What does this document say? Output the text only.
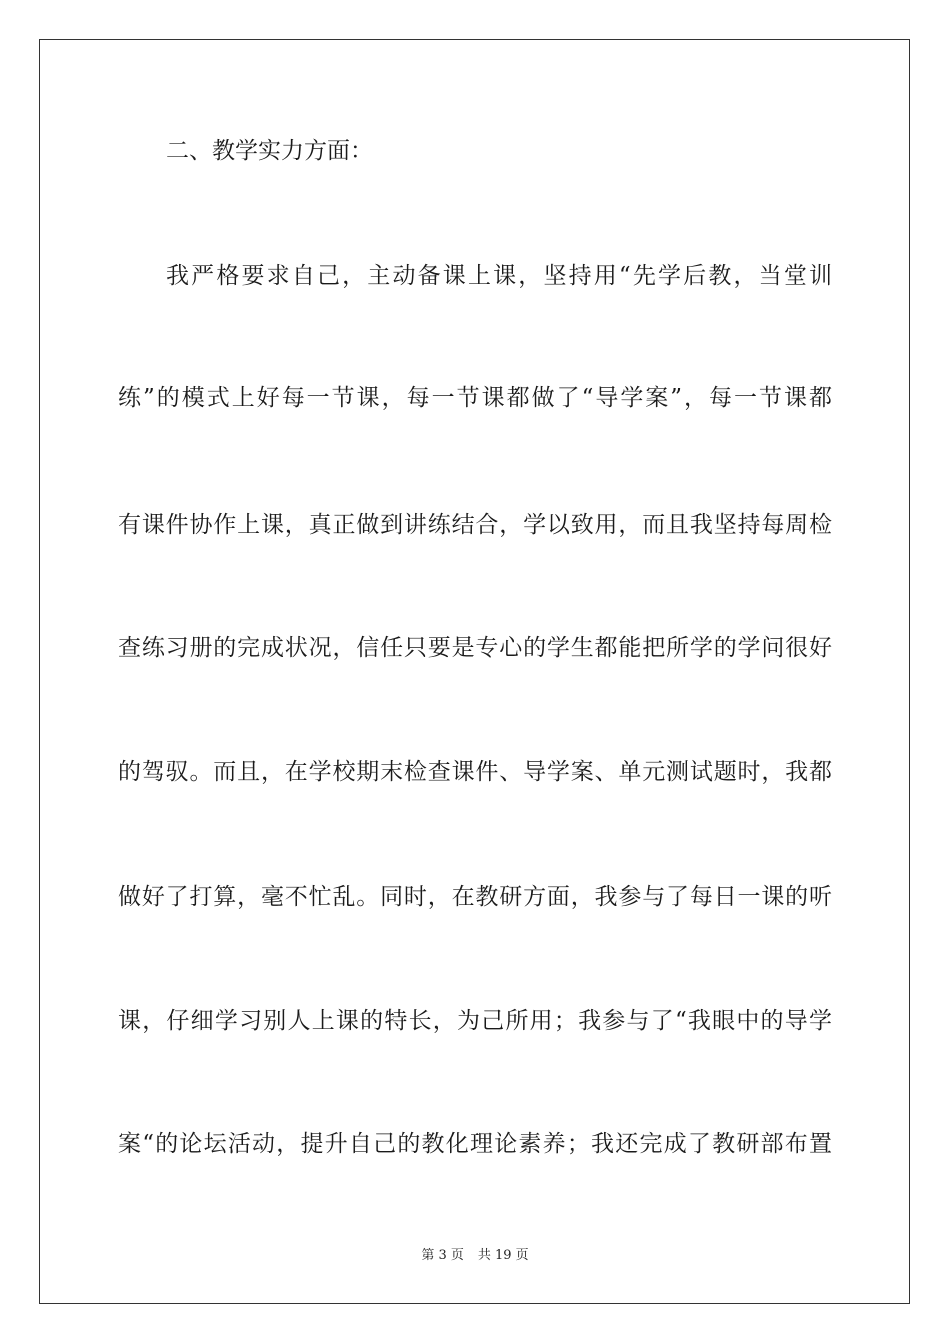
二、教学实力方面：
我严格要求自己，主动备课上课，坚持用“先学后教，当堂训
练”的模式上好每一节课，每一节课都做了“导学案”，每一节课都
有课件协作上课，真正做到讲练结合，学以致用，而且我坚持每周检
查练习册的完成状况，信任只要是专心的学生都能把所学的学问很好
的驾驭。而且，在学校期末检查课件、导学案、单元测试题时，我都
做好了打算，毫不忙乱。同时，在教研方面，我参与了每日一课的听
课，仔细学习别人上课的特长，为己所用；我参与了“我眼中的导学
案“的论坛活动，提升自己的教化理论素养；我还完成了教研部布置
第 3 页 共 19 页
